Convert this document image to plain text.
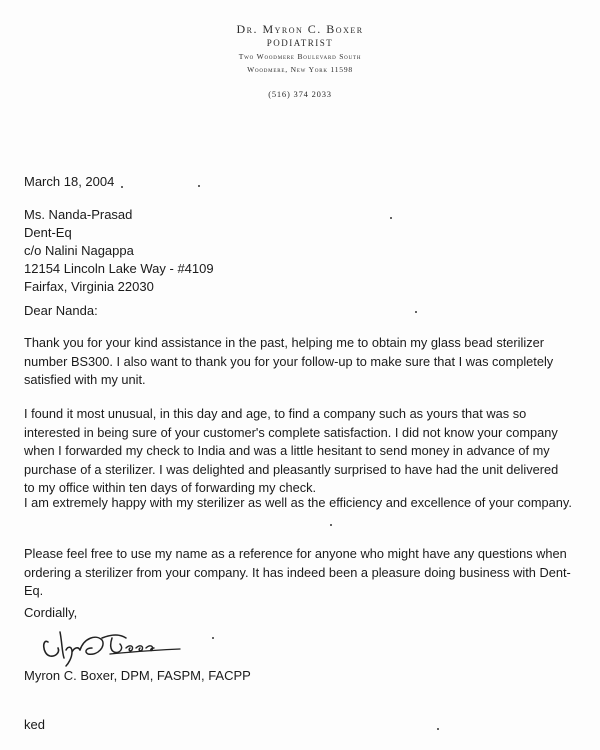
Dr. Myron C. Boxer
PODIATRIST
Two Woodmere Boulevard South
Woodmere, New York 11598
(516) 374 2033
March 18, 2004
Ms. Nanda-Prasad
Dent-Eq
c/o Nalini Nagappa
12154 Lincoln Lake Way - #4109
Fairfax, Virginia 22030
Dear Nanda:

Thank you for your kind assistance in the past, helping me to obtain my glass bead sterilizer number BS300. I also want to thank you for your follow-up to make sure that I was completely satisfied with my unit.

I found it most unusual, in this day and age, to find a company such as yours that was so interested in being sure of your customer's complete satisfaction. I did not know your company when I forwarded my check to India and was a little hesitant to send money in advance of my purchase of a sterilizer. I was delighted and pleasantly surprised to have had the unit delivered to my office within ten days of forwarding my check.

I am extremely happy with my sterilizer as well as the efficiency and excellence of your company.

Please feel free to use my name as a reference for anyone who might have any questions when ordering a sterilizer from your company. It has indeed been a pleasure doing business with Dent-Eq.

Cordially,
Myron C. Boxer, DPM, FASPM, FACPP
ked
